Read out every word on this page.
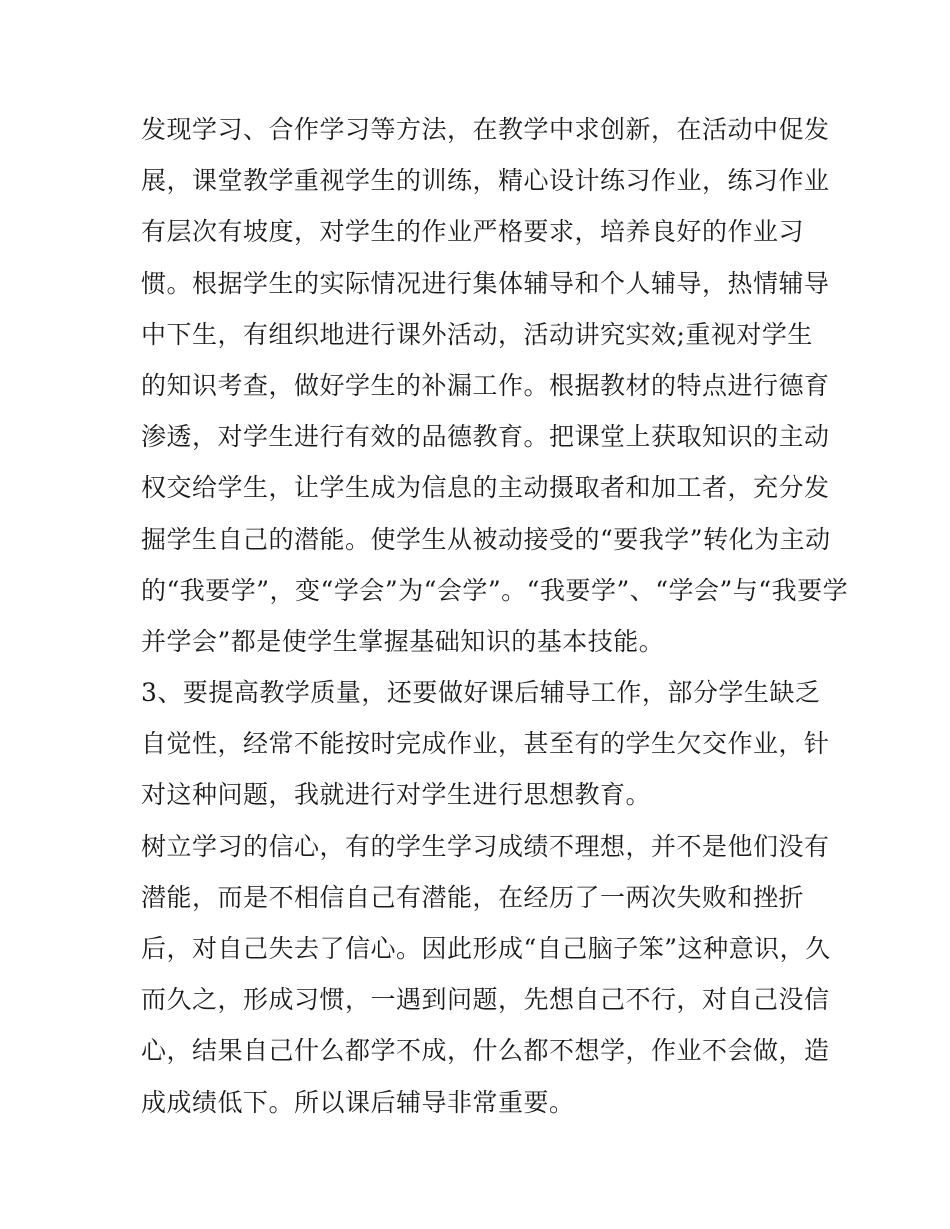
发现学习、合作学习等方法，在教学中求创新，在活动中促发
展，课堂教学重视学生的训练，精心设计练习作业，练习作业
有层次有坡度，对学生的作业严格要求，培养良好的作业习
惯。根据学生的实际情况进行集体辅导和个人辅导，热情辅导
中下生，有组织地进行课外活动，活动讲究实效;重视对学生
的知识考查，做好学生的补漏工作。根据教材的特点进行德育
渗透，对学生进行有效的品德教育。把课堂上获取知识的主动
权交给学生，让学生成为信息的主动摄取者和加工者，充分发
掘学生自己的潜能。使学生从被动接受的“要我学”转化为主动
的“我要学”，变“学会”为“会学”。“我要学”、“学会”与“我要学
并学会”都是使学生掌握基础知识的基本技能。
3、要提高教学质量，还要做好课后辅导工作，部分学生缺乏
自觉性，经常不能按时完成作业，甚至有的学生欠交作业，针
对这种问题，我就进行对学生进行思想教育。
树立学习的信心，有的学生学习成绩不理想，并不是他们没有
潜能，而是不相信自己有潜能，在经历了一两次失败和挫折
后，对自己失去了信心。因此形成“自己脑子笨”这种意识，久
而久之，形成习惯，一遇到问题，先想自己不行，对自己没信
心，结果自己什么都学不成，什么都不想学，作业不会做，造
成成绩低下。所以课后辅导非常重要。
